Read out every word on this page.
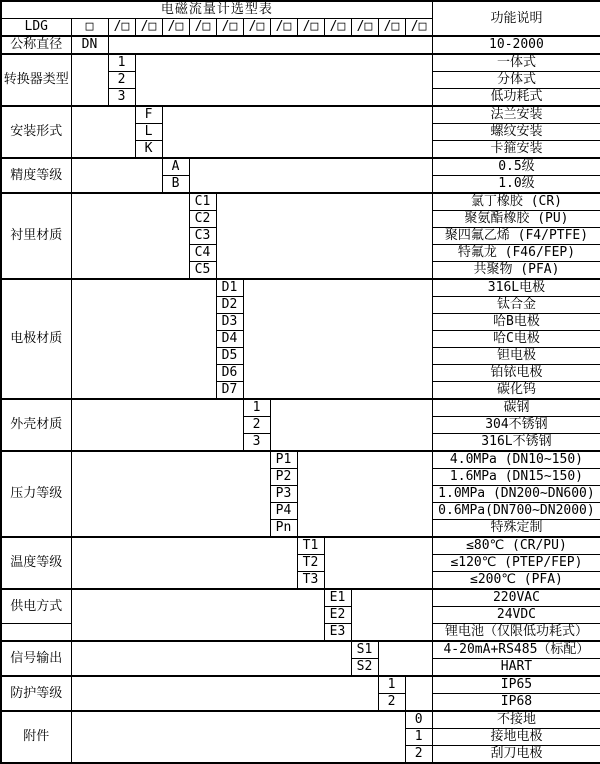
电磁流量计选型表														功能说明
LDG	□	/□	/□	/□	/□	/□	/□	/□	/□	/□	/□	/□	/□	
公称直径	DN													10-2000
转换器类型		1												一体式
		2												分体式
		3												低功耗式
安装形式			F											法兰安装
			L											螺纹安装
			K											卡箍安装
精度等级				A										0.5级
				B										1.0级
衬里材质					C1									氯丁橡胶 (CR)
					C2									聚氨酯橡胶 (PU)
					C3									聚四氟乙烯 (F4/PTFE)
					C4									特氟龙 (F46/FEP)
					C5									共聚物 (PFA)
电极材质						D1								316L电极
						D2								钛合金
						D3								哈B电极
						D4								哈C电极
						D5								钽电极
						D6								铂铱电极
						D7								碳化钨
外壳材质							1							碳钢
							2							304不锈钢
							3							316L不锈钢
压力等级								P1						4.0MPa (DN10~150)
								P2						1.6MPa (DN15~150)
								P3						1.0MPa (DN200~DN600)
								P4						0.6MPa(DN700~DN2000)
								Pn						特殊定制
温度等级									T1					≤80℃ (CR/PU)
									T2					≤120℃ (PTEP/FEP)
									T3					≤200℃ (PFA)
供电方式										E1				220VAC
										E2				24VDC
										E3				锂电池（仅限低功耗式）
信号输出											S1			4-20mA+RS485（标配）
											S2			HART
防护等级												1		IP65
												2		IP68
附件													0	不接地
													1	接地电极
													2	刮刀电极
